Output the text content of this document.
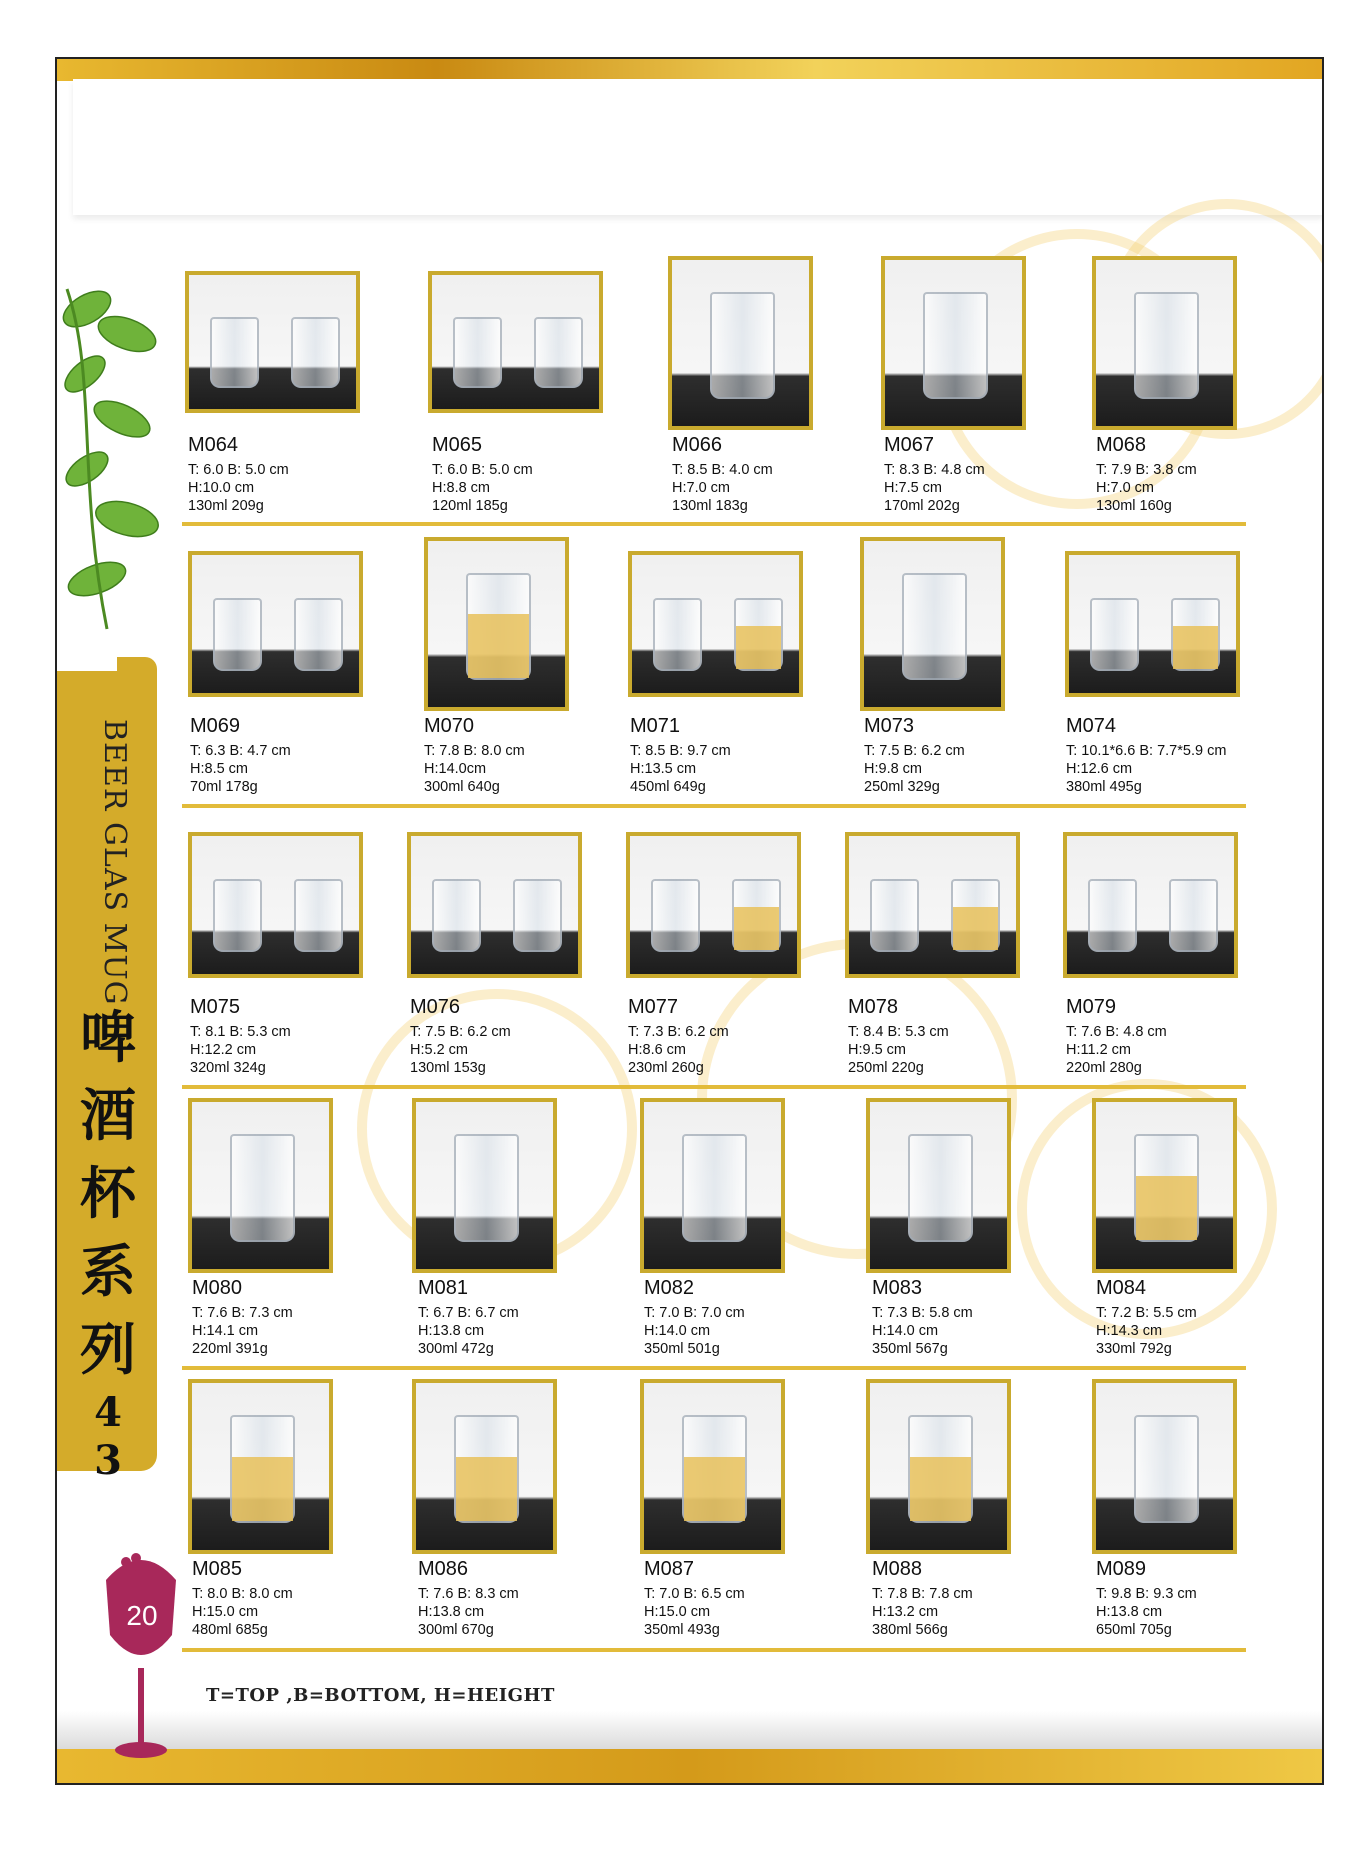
BEER GLAS MUG
啤
酒
杯
系
列
4
3
M064
T: 6.0 B: 5.0 cm
H:10.0 cm
130ml 209g
M065
T: 6.0 B: 5.0 cm
H:8.8 cm
120ml 185g
M066
T: 8.5 B: 4.0 cm
H:7.0 cm
130ml 183g
M067
T: 8.3 B: 4.8 cm
H:7.5 cm
170ml 202g
M068
T: 7.9 B: 3.8 cm
H:7.0 cm
130ml 160g
M069
T: 6.3 B: 4.7 cm
H:8.5 cm
70ml 178g
M070
T: 7.8 B: 8.0 cm
H:14.0cm
300ml 640g
M071
T: 8.5 B: 9.7 cm
H:13.5 cm
450ml 649g
M073
T: 7.5 B: 6.2 cm
H:9.8 cm
250ml 329g
M074
T: 10.1*6.6 B: 7.7*5.9 cm
H:12.6 cm
380ml 495g
M075
T: 8.1 B: 5.3 cm
H:12.2 cm
320ml 324g
M076
T: 7.5 B: 6.2 cm
H:5.2 cm
130ml 153g
M077
T: 7.3 B: 6.2 cm
H:8.6 cm
230ml 260g
M078
T: 8.4 B: 5.3 cm
H:9.5 cm
250ml 220g
M079
T: 7.6 B: 4.8 cm
H:11.2 cm
220ml 280g
M080
T: 7.6 B: 7.3 cm
H:14.1 cm
220ml 391g
M081
T: 6.7 B: 6.7 cm
H:13.8 cm
300ml 472g
M082
T: 7.0 B: 7.0 cm
H:14.0 cm
350ml 501g
M083
T: 7.3 B: 5.8 cm
H:14.0 cm
350ml 567g
M084
T: 7.2 B: 5.5 cm
H:14.3 cm
330ml 792g
M085
T: 8.0 B: 8.0 cm
H:15.0 cm
480ml 685g
M086
T: 7.6 B: 8.3 cm
H:13.8 cm
300ml 670g
M087
T: 7.0 B: 6.5 cm
H:15.0 cm
350ml 493g
M088
T: 7.8 B: 7.8 cm
H:13.2 cm
380ml 566g
M089
T: 9.8 B: 9.3 cm
H:13.8 cm
650ml 705g
20
T=TOP ,B=BOTTOM, H=HEIGHT
